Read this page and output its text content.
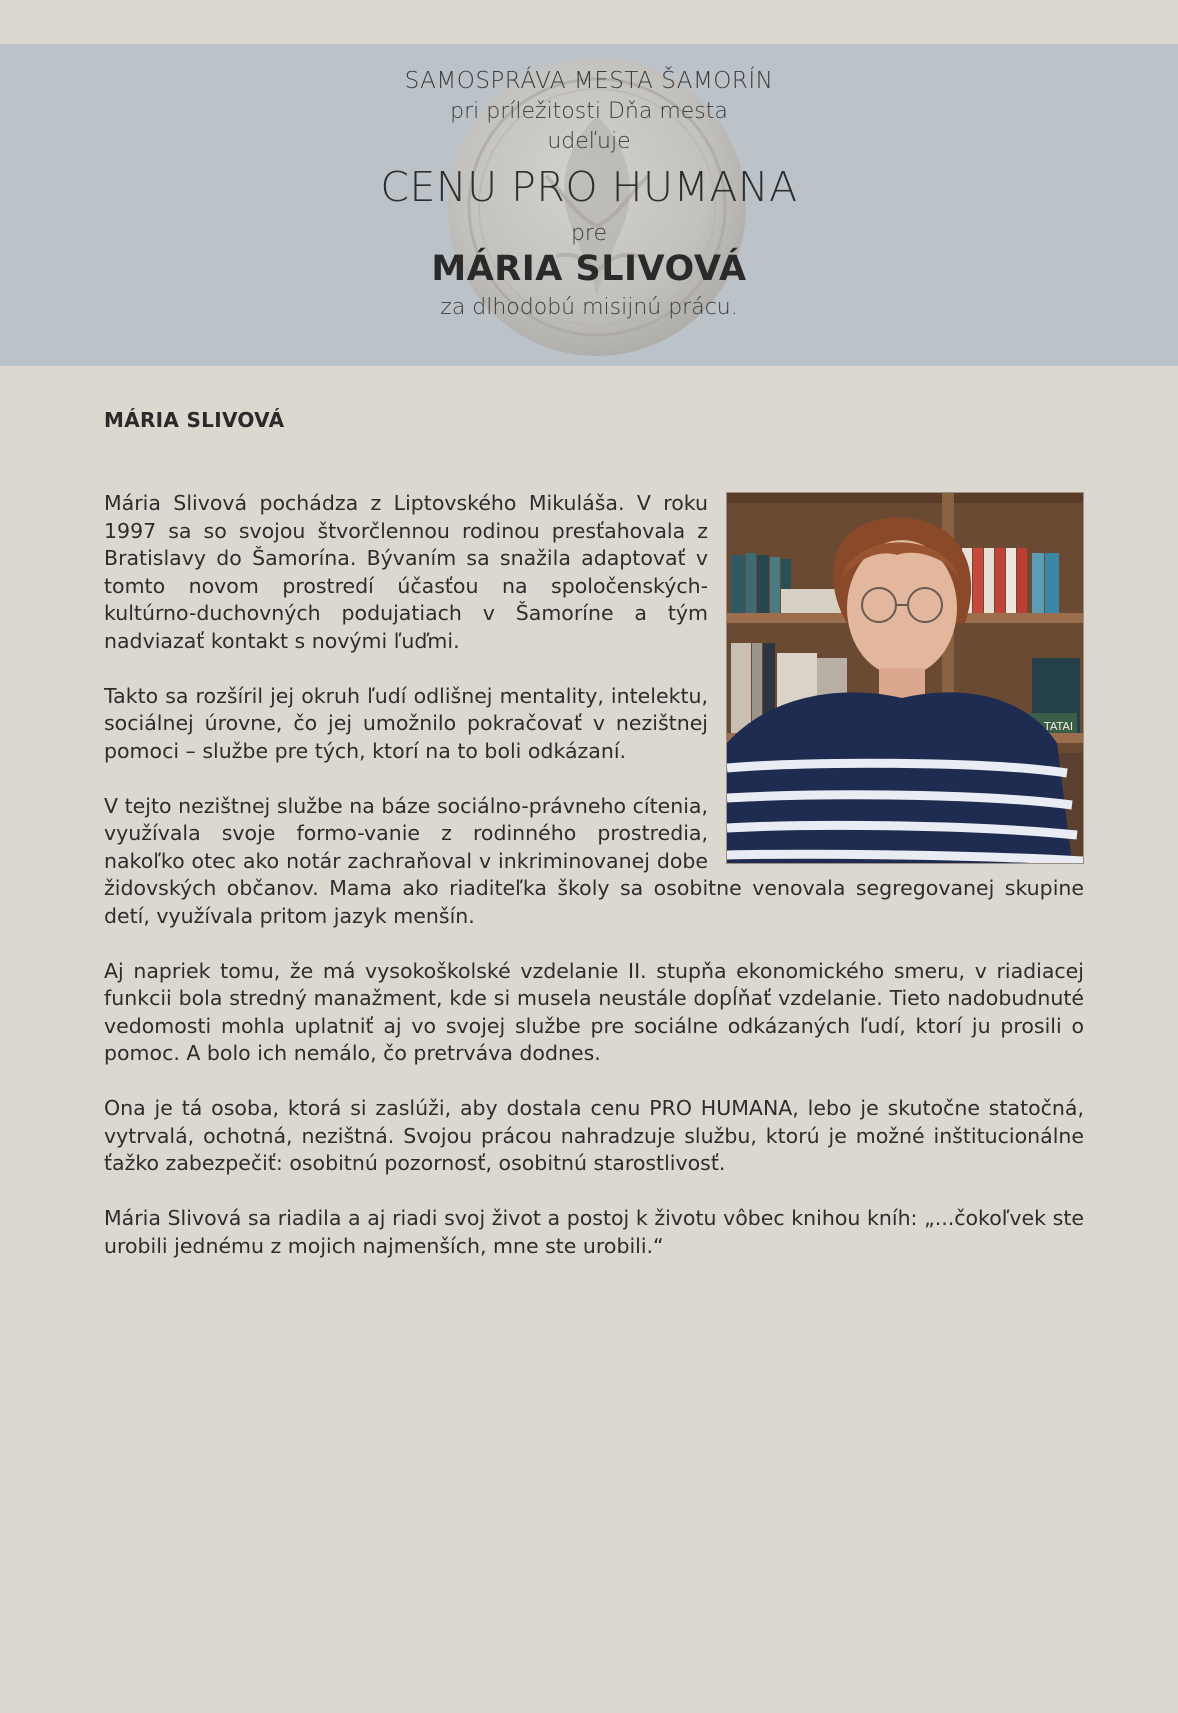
SAMOSPRÁVA MESTA ŠAMORÍN
pri príležitosti Dňa mesta
udeľuje
CENU PRO HUMANA
pre
MÁRIA SLIVOVÁ
za dlhodobú misijnú prácu.
MÁRIA SLIVOVÁ
TATAI

Mária Slivová pochádza z Liptovského Mikuláša. V roku 1997 sa so svojou štvorčlennou rodinou presťahovala z Bratislavy do Šamorína. Bývaním sa snažila adaptovať v tomto novom prostredí účasťou na spoločenských-kultúrno-duchovných podujatiach v Šamoríne a tým nadviazať kontakt s novými ľuďmi.

Takto sa rozšíril jej okruh ľudí odlišnej mentality, intelektu, sociálnej úrovne, čo jej umožnilo pokračovať v nezištnej pomoci – službe pre tých, ktorí na to boli odkázaní.

V tejto nezištnej službe na báze sociálno-právneho cítenia, využívala svoje formo-vanie z rodinného prostredia, nakoľko otec ako notár zachraňoval v inkriminovanej dobe židovských občanov. Mama ako riaditeľka školy sa osobitne venovala segregovanej skupine detí, využívala pritom jazyk menšín.

Aj napriek tomu, že má vysokoškolské vzdelanie II. stupňa ekonomického smeru, v riadiacej funkcii bola stredný manažment, kde si musela neustále dopĺňať vzdelanie. Tieto nadobudnuté vedomosti mohla uplatniť aj vo svojej službe pre sociálne odkázaných ľudí, ktorí ju prosili o pomoc. A bolo ich nemálo, čo pretrváva dodnes.

Ona je tá osoba, ktorá si zaslúži, aby dostala cenu PRO HUMANA, lebo je skutočne statočná, vytrvalá, ochotná, nezištná. Svojou prácou nahradzuje službu, ktorú je možné inštitucionálne ťažko zabezpečiť: osobitnú pozornosť, osobitnú starostlivosť.

Mária Slivová sa riadila a aj riadi svoj život a postoj k životu vôbec knihou kníh: „...čokoľvek ste urobili jednému z mojich najmenších, mne ste urobili.“
